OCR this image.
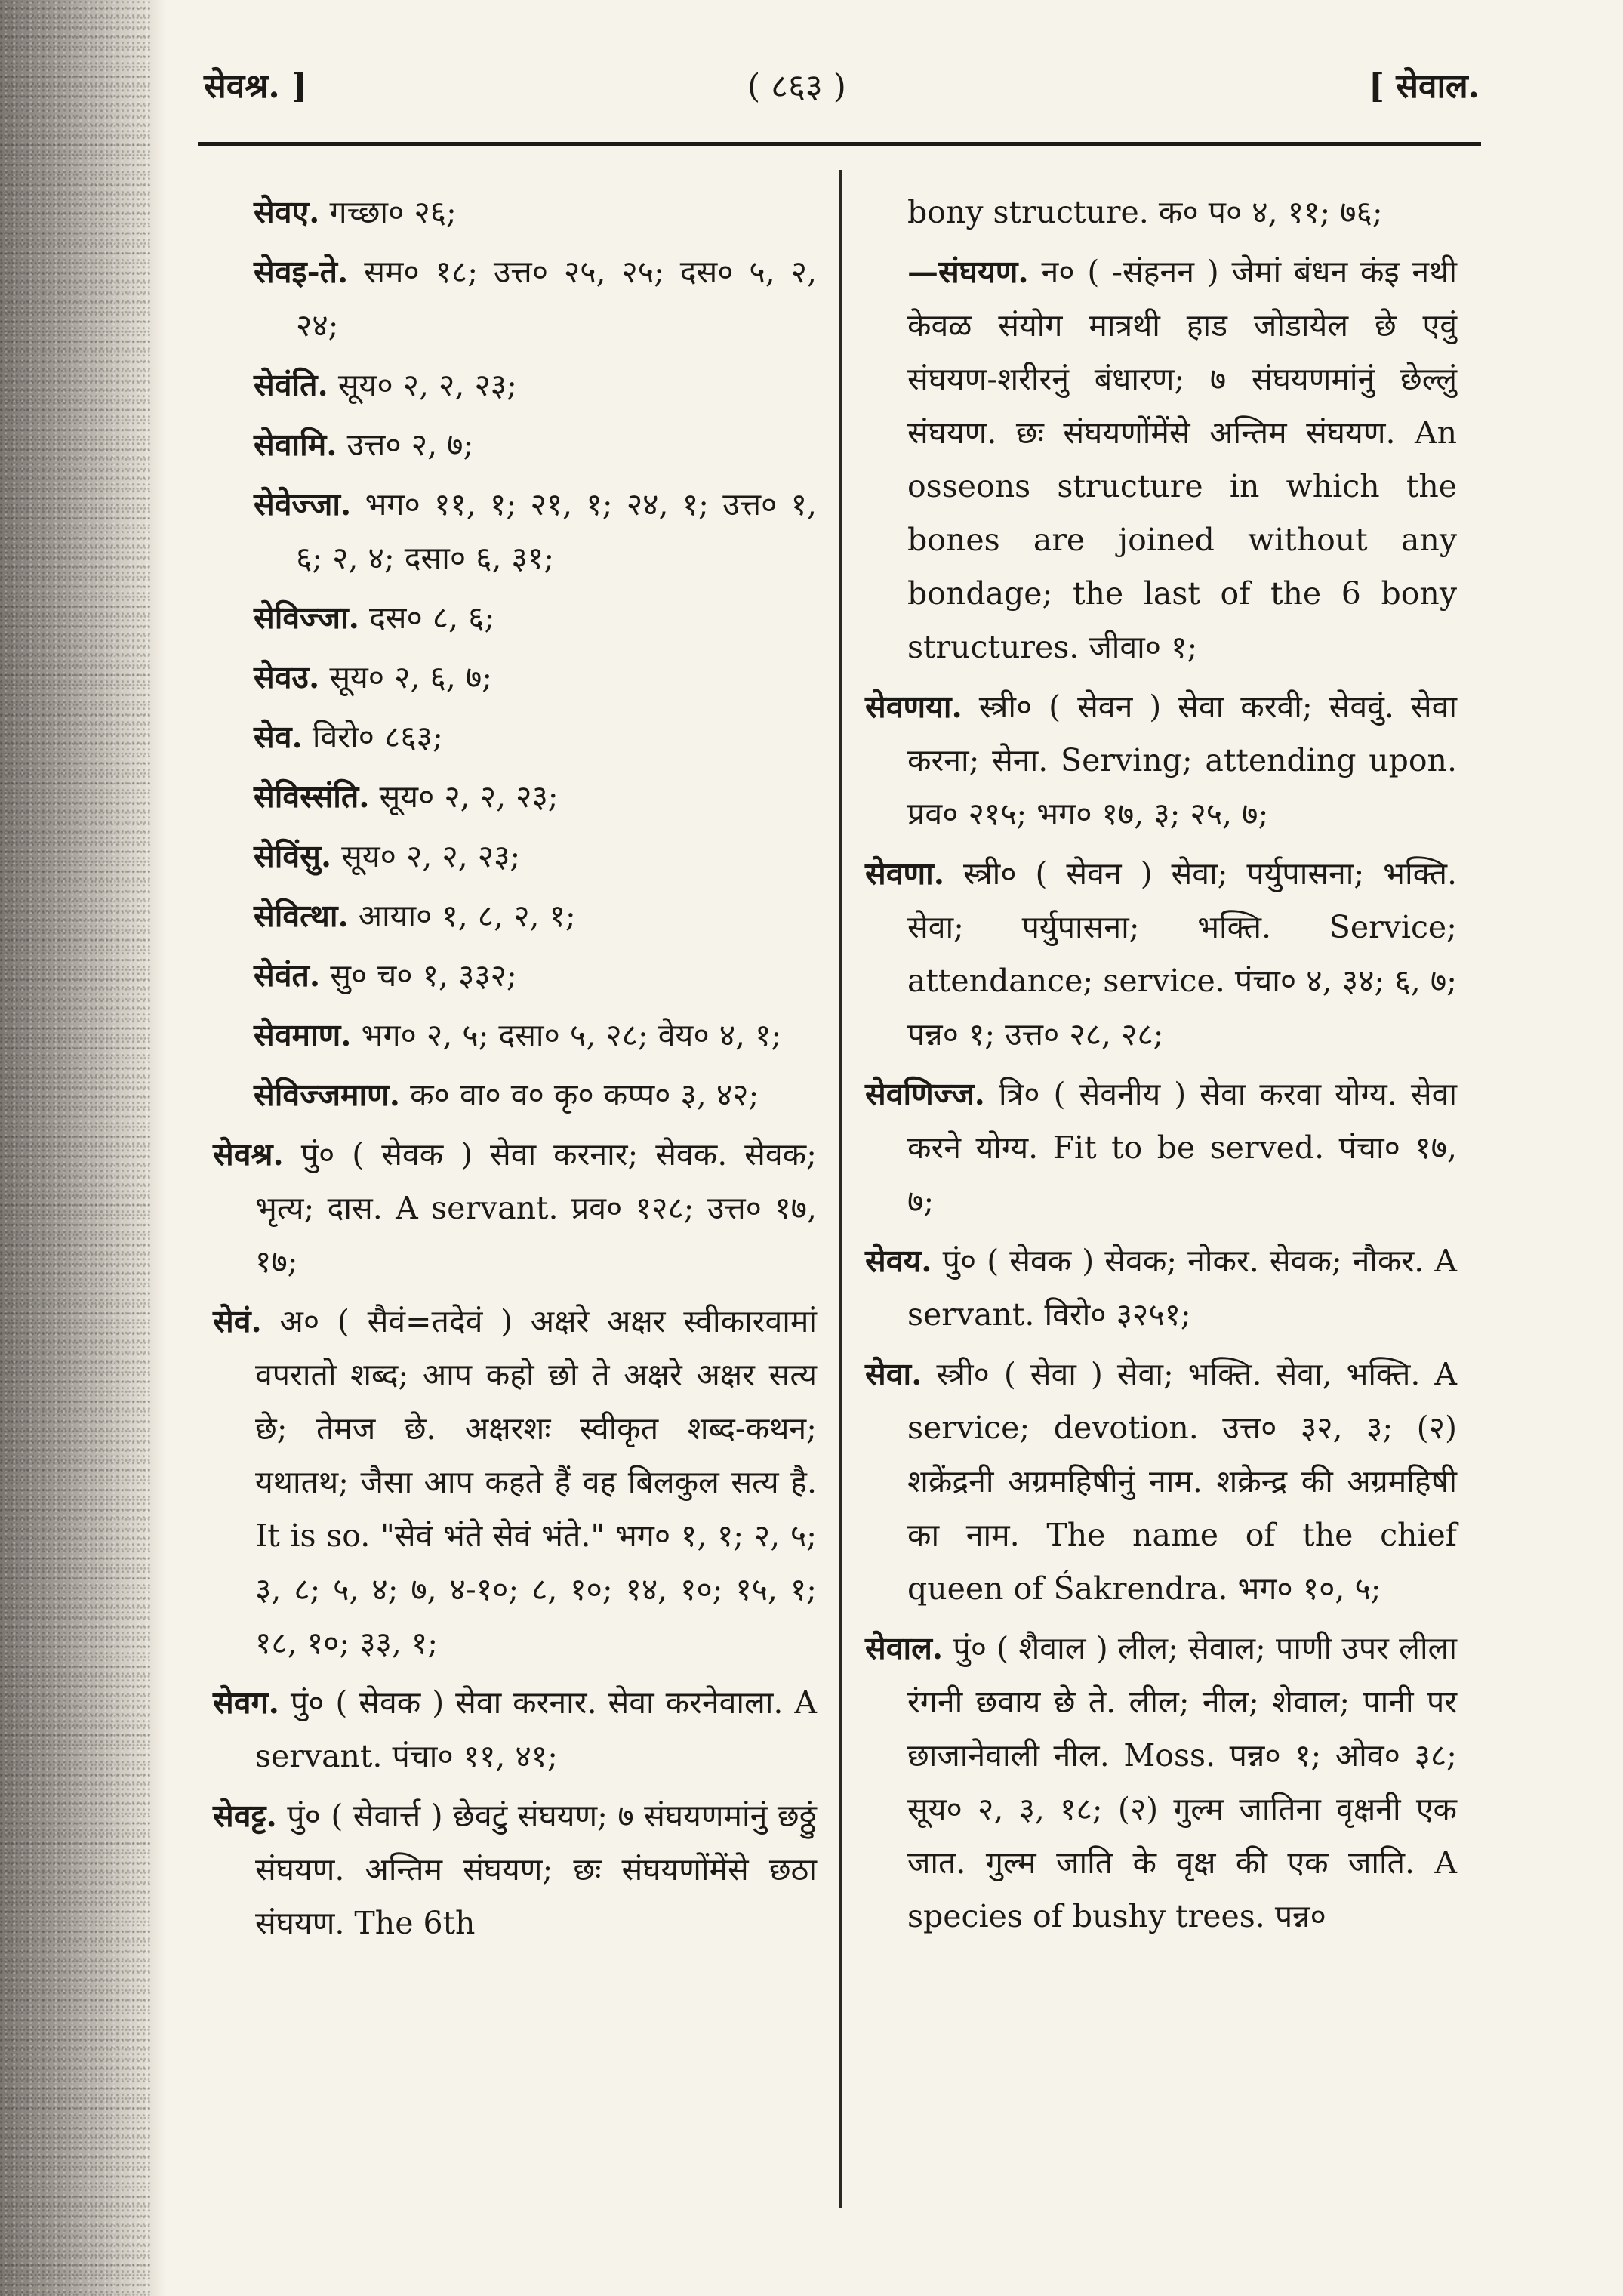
सेवश्र. ]	( ८६३ )	[ सेवाल.

सेवए. गच्छा० २६;

सेवइ-ते. सम० १८; उत्त० २५, २५; दस० ५, २, २४;

सेवंति. सूय० २, २, २३;

सेवामि. उत्त० २, ७;

सेवेज्जा. भग० ११, १; २१, १; २४, १; उत्त० १, ६; २, ४; दसा० ६, ३१;

सेविज्जा. दस० ८, ६;

सेवउ. सूय० २, ६, ७;

सेव. विरो० ८६३;

सेविस्संति. सूय० २, २, २३;

सेविंसु. सूय० २, २, २३;

सेवित्था. आया० १, ८, २, १;

सेवंत. सु० च० १, ३३२;

सेवमाण. भग० २, ५; दसा० ५, २८; वेय० ४, १;

सेविज्जमाण. क० वा० व० कृ० कप्प० ३, ४२;

सेवश्र. पुं० ( सेवक ) सेवा करनार; सेवक. सेवक; भृत्य; दास. A servant. प्रव० १२८; उत्त० १७, १७;

सेवं. अ० ( सैवं=तदेवं ) अक्षरे अक्षर स्वीकारवामां वपरातो शब्द; आप कहो छो ते अक्षरे अक्षर सत्य छे; तेमज छे. अक्षरशः स्वीकृत शब्द-कथन; यथातथ; जैसा आप कहते हैं वह बिलकुल सत्य है. It is so. "सेवं भंते सेवं भंते." भग० १, १; २, ५; ३, ८; ५, ४; ७, ४-१०; ८, १०; १४, १०; १५, १; १८, १०; ३३, १;

सेवग. पुं० ( सेवक ) सेवा करनार. सेवा करनेवाला. A servant. पंचा० ११, ४१;

सेवट्ट. पुं० ( सेवार्त्त ) छेवटुं संघयण; ७ संघयणमांनुं छठ्ठुं संघयण. अन्तिम संघयण; छः संघयणोंमेंसे छठा संघयण. The 6th

bony structure. क० प० ४, ११; ७६;

—संघयण. न० ( -संहनन ) जेमां बंधन कंइ नथी केवळ संयोग मात्रथी हाड जोडायेल छे एवुं संघयण-शरीरनुं बंधारण; ७ संघयणमांनुं छेल्लुं संघयण. छः संघयणोंमेंसे अन्तिम संघयण. An osseons structure in which the bones are joined without any bondage; the last of the 6 bony structures. जीवा० १;

सेवणया. स्त्री० ( सेवन ) सेवा करवी; सेववुं. सेवा करना; सेना. Serving; attending upon. प्रव० २१५; भग० १७, ३; २५, ७;

सेवणा. स्त्री० ( सेवन ) सेवा; पर्युपासना; भक्ति. सेवा; पर्युपासना; भक्ति. Service; attendance; service. पंचा० ४, ३४; ६, ७; पन्न० १; उत्त० २८, २८;

सेवणिज्ज. त्रि० ( सेवनीय ) सेवा करवा योग्य. सेवा करने योग्य. Fit to be served. पंचा० १७, ७;

सेवय. पुं० ( सेवक ) सेवक; नोकर. सेवक; नौकर. A servant. विरो० ३२५१;

सेवा. स्त्री० ( सेवा ) सेवा; भक्ति. सेवा, भक्ति. A service; devotion. उत्त० ३२, ३; (२) शक्रेंद्रनी अग्रमहिषीनुं नाम. शक्रेन्द्र की अग्रमहिषी का नाम. The name of the chief queen of Śakrendra. भग० १०, ५;

सेवाल. पुं० ( शैवाल ) लील; सेवाल; पाणी उपर लीला रंगनी छवाय छे ते. लील; नील; शेवाल; पानी पर छाजानेवाली नील. Moss. पन्न० १; ओव० ३८; सूय० २, ३, १८; (२) गुल्म जातिना वृक्षनी एक जात. गुल्म जाति के वृक्ष की एक जाति. A species of bushy trees. पन्न०
